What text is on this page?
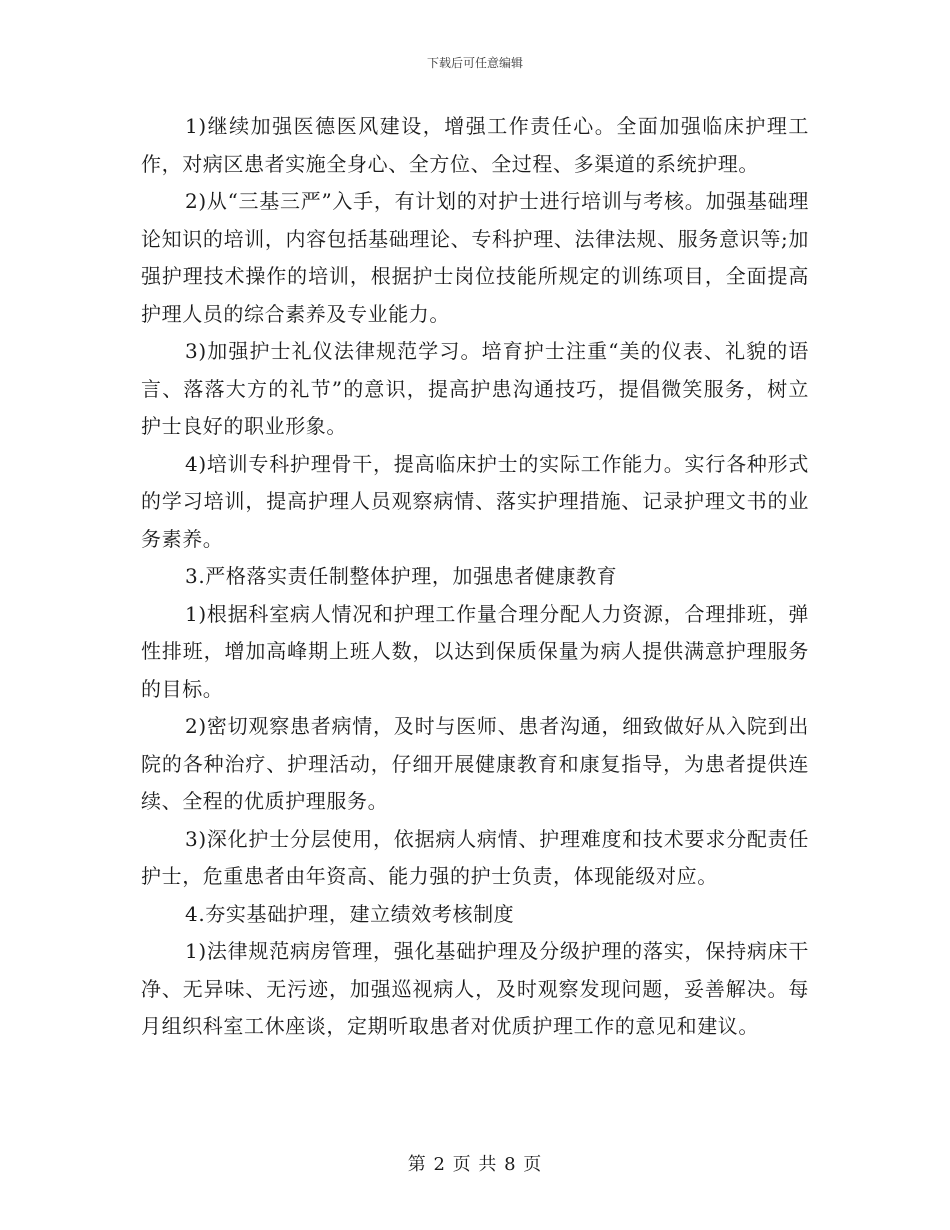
下载后可任意编辑

1)继续加强医德医风建设，增强工作责任心。全面加强临床护理工作，对病区患者实施全身心、全方位、全过程、多渠道的系统护理。

2)从“三基三严”入手，有计划的对护士进行培训与考核。加强基础理论知识的培训，内容包括基础理论、专科护理、法律法规、服务意识等;加强护理技术操作的培训，根据护士岗位技能所规定的训练项目，全面提高护理人员的综合素养及专业能力。

3)加强护士礼仪法律规范学习。培育护士注重“美的仪表、礼貌的语言、落落大方的礼节”的意识，提高护患沟通技巧，提倡微笑服务，树立护士良好的职业形象。

4)培训专科护理骨干，提高临床护士的实际工作能力。实行各种形式的学习培训，提高护理人员观察病情、落实护理措施、记录护理文书的业务素养。

3.严格落实责任制整体护理，加强患者健康教育

1)根据科室病人情况和护理工作量合理分配人力资源，合理排班，弹性排班，增加高峰期上班人数，以达到保质保量为病人提供满意护理服务的目标。

2)密切观察患者病情，及时与医师、患者沟通，细致做好从入院到出院的各种治疗、护理活动，仔细开展健康教育和康复指导，为患者提供连续、全程的优质护理服务。

3)深化护士分层使用，依据病人病情、护理难度和技术要求分配责任护士，危重患者由年资高、能力强的护士负责，体现能级对应。

4.夯实基础护理，建立绩效考核制度

1)法律规范病房管理，强化基础护理及分级护理的落实，保持病床干净、无异味、无污迹，加强巡视病人，及时观察发现问题，妥善解决。每月组织科室工休座谈，定期听取患者对优质护理工作的意见和建议。

第 2 页 共 8 页
